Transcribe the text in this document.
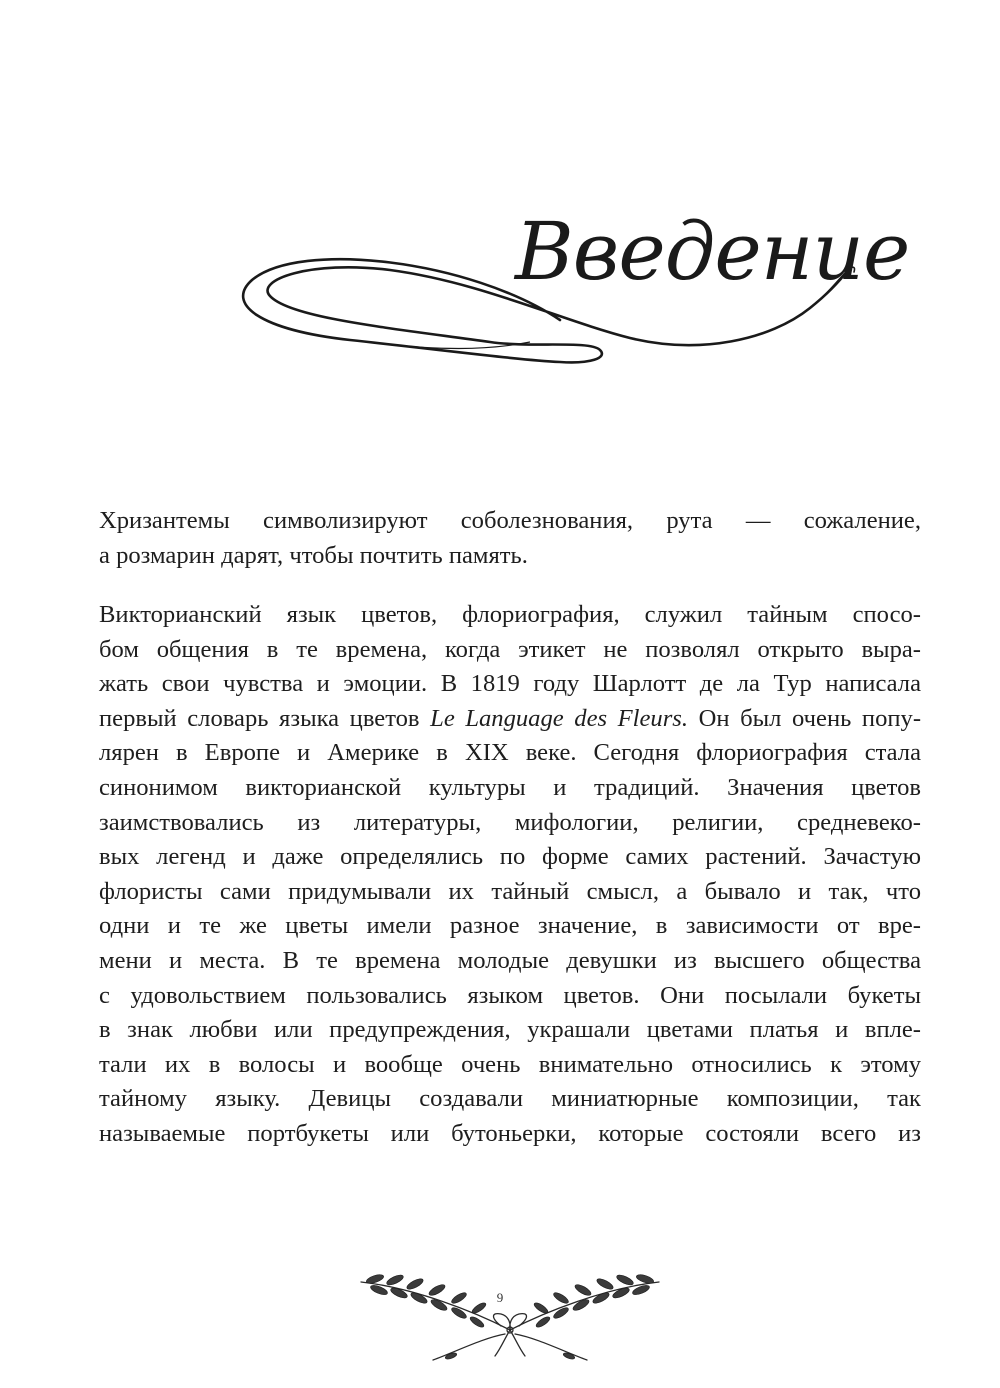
Введение

Хризантемы символизируют соболезнования, рута — сожаление,
а розмарин дарят, чтобы почтить память.

Викторианский язык цветов, флориография, служил тайным спосо-
бом общения в те времена, когда этикет не позволял открыто выра-
жать свои чувства и эмоции. В 1819 году Шарлотт де ла Тур написала
первый словарь языка цветов Le Language des Fleurs. Он был очень попу-
лярен в Европе и Америке в XIX веке. Сегодня флориография стала
синонимом викторианской культуры и традиций. Значения цветов
заимствовались из литературы, мифологии, религии, средневеко-
вых легенд и даже определялись по форме самих растений. Зачастую
флористы сами придумывали их тайный смысл, а бывало и так, что
одни и те же цветы имели разное значение, в зависимости от вре-
мени и места. В те времена молодые девушки из высшего общества
с удовольствием пользовались языком цветов. Они посылали букеты
в знак любви или предупреждения, украшали цветами платья и впле-
тали их в волосы и вообще очень внимательно относились к этому
тайному языку. Девицы создавали миниатюрные композиции, так
называемые портбукеты или бутоньерки, которые состояли всего из

9
